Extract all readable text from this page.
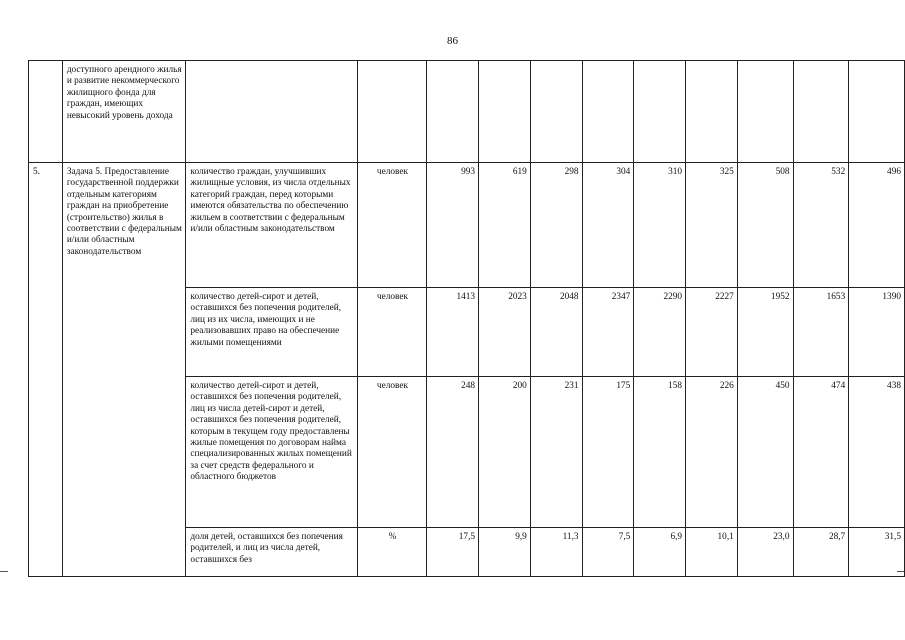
86
	доступного арендного жилья и развитие некоммерческого жилищного фонда для граждан, имеющих невысокий уровень дохода											
5.	Задача 5. Предоставление государственной поддержки отдельным категориям граждан на приобретение (строительство) жилья в соответствии с федеральным и/или областным законодательством	количество граждан, улучшивших жилищные условия, из числа отдельных категорий граждан, перед которыми имеются обязательства по обеспечению жильем в соответствии с федеральным и/или областным законодательством	человек	993	619	298	304	310	325	508	532	496
		количество детей-сирот и детей, оставшихся без попечения родителей, лиц из их числа, имеющих и не реализовавших право на обеспечение жилыми помещениями	человек	1413	2023	2048	2347	2290	2227	1952	1653	1390
		количество детей-сирот и детей, оставшихся без попечения родителей, лиц из числа детей-сирот и детей, оставшихся без попечения родителей, которым в текущем году предоставлены жилые помещения по договорам найма специализированных жилых помещений за счет средств федерального и областного бюджетов	человек	248	200	231	175	158	226	450	474	438
		доля детей, оставшихся без попечения родителей, и лиц из числа детей, оставшихся без	%	17,5	9,9	11,3	7,5	6,9	10,1	23,0	28,7	31,5
